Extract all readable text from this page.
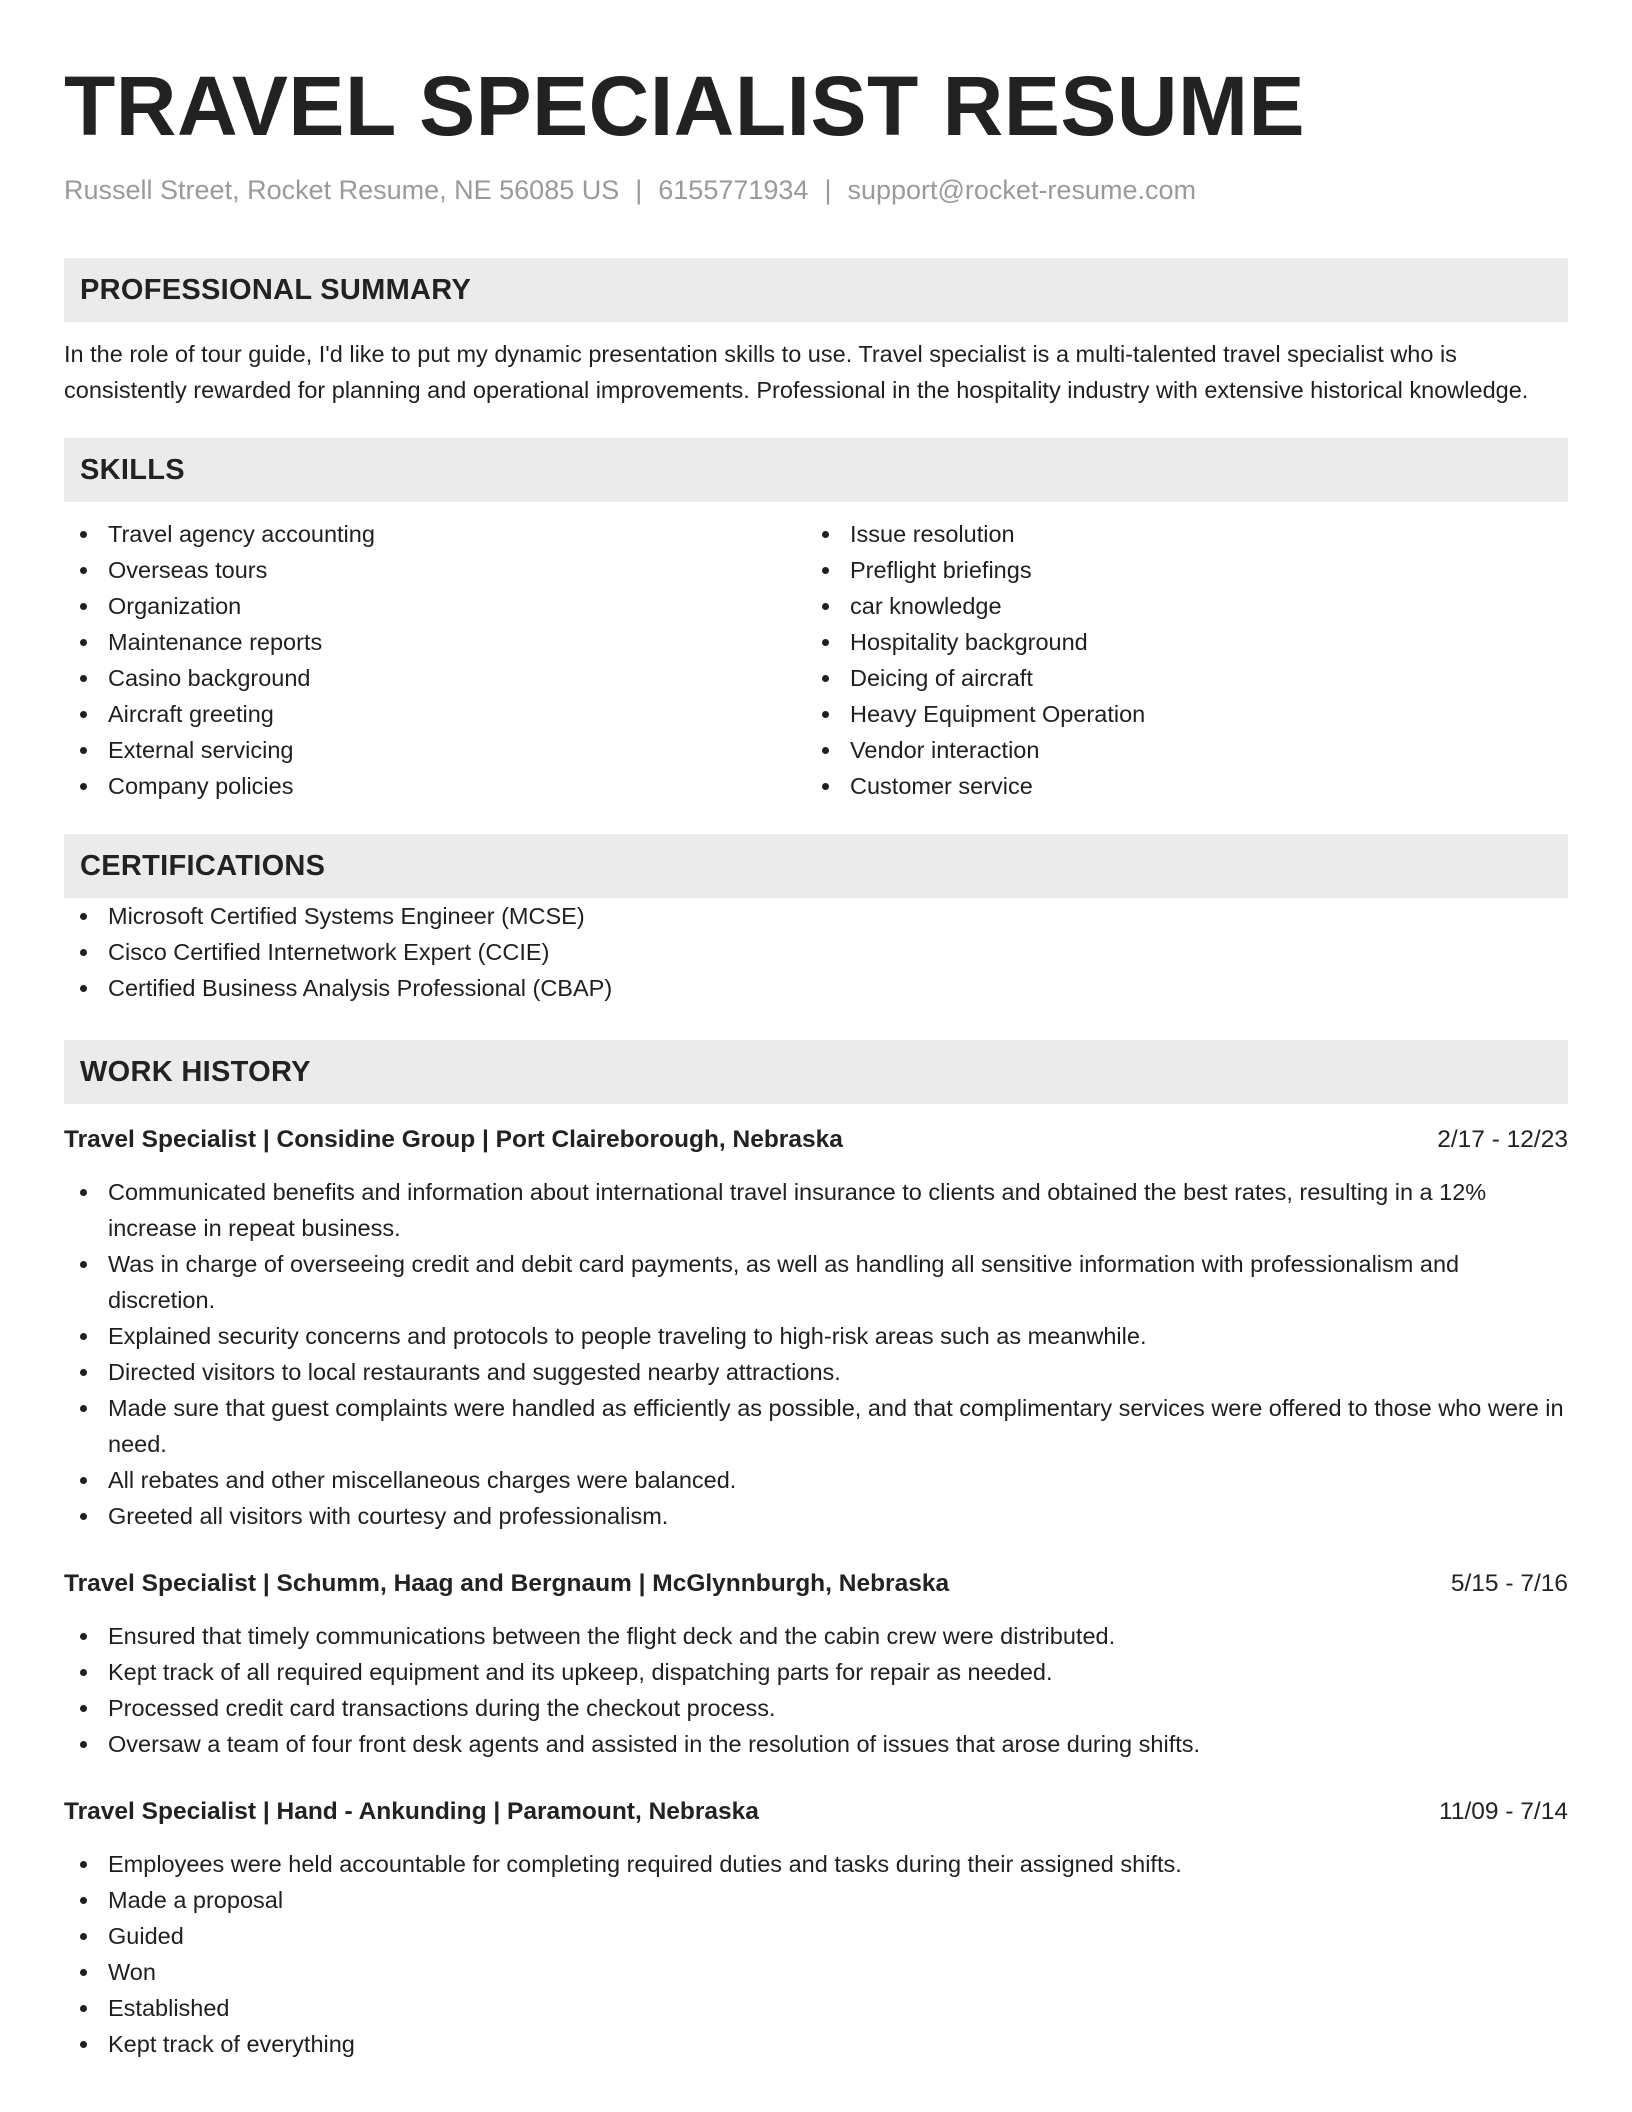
TRAVEL SPECIALIST RESUME
Russell Street, Rocket Resume, NE 56085 US | 6155771934 | support@rocket-resume.com
PROFESSIONAL SUMMARY

In the role of tour guide, I'd like to put my dynamic presentation skills to use. Travel specialist is a multi-talented travel specialist who is consistently rewarded for planning and operational improvements. Professional in the hospitality industry with extensive historical knowledge.

SKILLS
Travel agency accounting
Overseas tours
Organization
Maintenance reports
Casino background
Aircraft greeting
External servicing
Company policies
Issue resolution
Preflight briefings
car knowledge
Hospitality background
Deicing of aircraft
Heavy Equipment Operation
Vendor interaction
Customer service
CERTIFICATIONS
Microsoft Certified Systems Engineer (MCSE)
Cisco Certified Internetwork Expert (CCIE)
Certified Business Analysis Professional (CBAP)
WORK HISTORY
Travel Specialist | Considine Group | Port Claireborough, Nebraska	2/17 - 12/23
Communicated benefits and information about international travel insurance to clients and obtained the best rates, resulting in a 12% increase in repeat business.
Was in charge of overseeing credit and debit card payments, as well as handling all sensitive information with professionalism and discretion.
Explained security concerns and protocols to people traveling to high-risk areas such as meanwhile.
Directed visitors to local restaurants and suggested nearby attractions.
Made sure that guest complaints were handled as efficiently as possible, and that complimentary services were offered to those who were in need.
All rebates and other miscellaneous charges were balanced.
Greeted all visitors with courtesy and professionalism.
Travel Specialist | Schumm, Haag and Bergnaum | McGlynnburgh, Nebraska	5/15 - 7/16
Ensured that timely communications between the flight deck and the cabin crew were distributed.
Kept track of all required equipment and its upkeep, dispatching parts for repair as needed.
Processed credit card transactions during the checkout process.
Oversaw a team of four front desk agents and assisted in the resolution of issues that arose during shifts.
Travel Specialist | Hand - Ankunding | Paramount, Nebraska	11/09 - 7/14
Employees were held accountable for completing required duties and tasks during their assigned shifts.
Made a proposal
Guided
Won
Established
Kept track of everything
